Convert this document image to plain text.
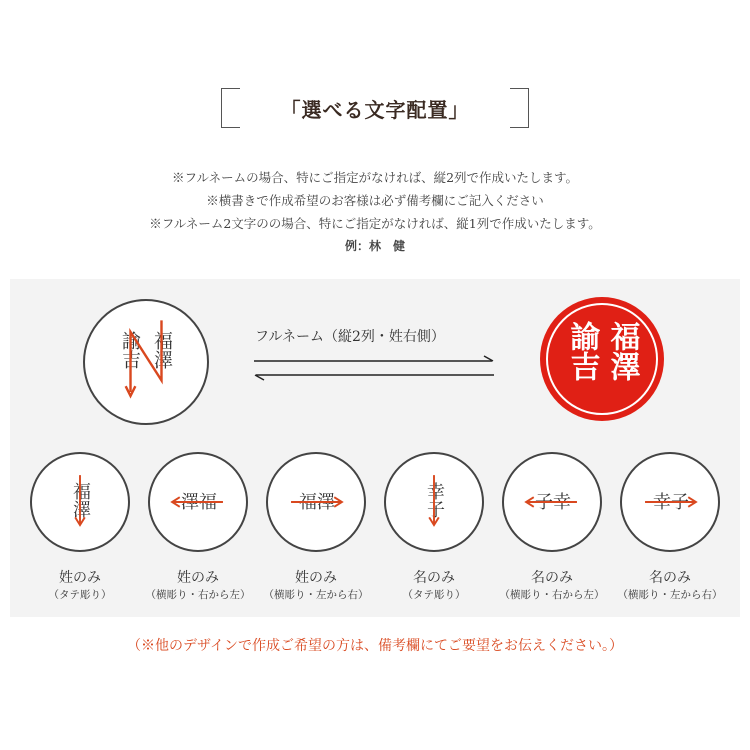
「選べる文字配置」
※フルネームの場合、特にご指定がなければ、縦2列で作成いたします。
※横書きで作成希望のお客様は必ず備考欄にご記入ください
※フルネーム2文字のの場合、特にご指定がなければ、縦1列で作成いたします。
例：林　健
福澤
諭吉	フルネーム（縦2列・姓右側）	福澤
諭吉
福澤	澤福	福澤	幸子	子幸	幸子
姓のみ
（タテ彫り）
姓のみ
（横彫り・右から左）
姓のみ
（横彫り・左から右）
名のみ
（タテ彫り）
名のみ
（横彫り・右から左）
名のみ
（横彫り・左から右）
（※他のデザインで作成ご希望の方は、備考欄にてご要望をお伝えください。）
